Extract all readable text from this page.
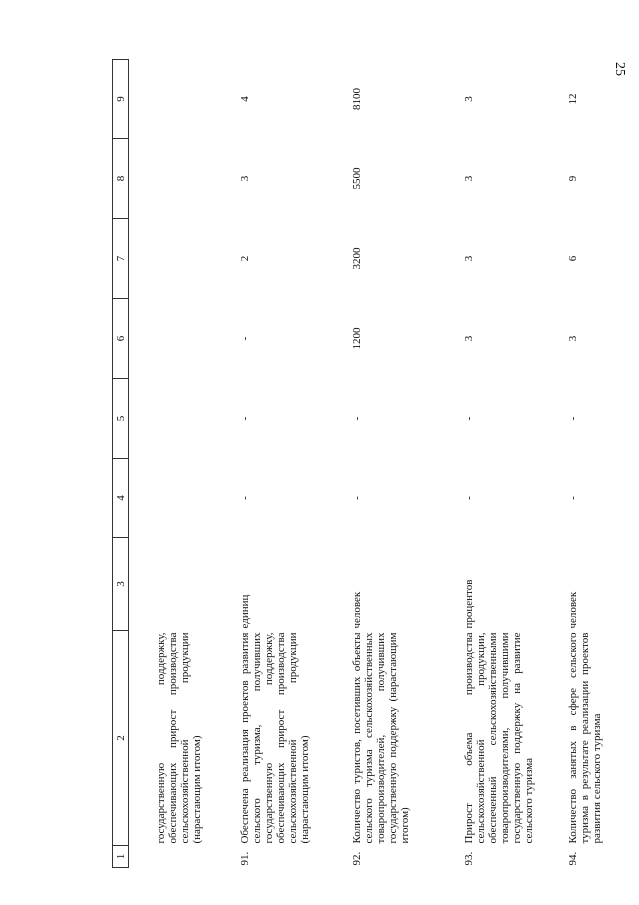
25
1	2	3	4	5	6	7	8	9
	государственную поддержку, обеспечивающих прирост производства сельскохозяйственной продукции (нарастающим итогом)							
91.	Обеспечена реализация проектов развития сельского туризма, получивших государственную поддержку, обеспечивающих прирост производства сельскохозяйственной продукции (нарастающим итогом)	единиц	-	-	-	2	3	4
92.	Количество туристов, посетивших объекты сельского туризма сельскохозяйственных товаропроизводителей, получивших государственную поддержку (нарастающим итогом)	человек	-	-	1200	3200	5500	8100
93.	Прирост объема производства сельскохозяйственной продукции, обеспеченный сельскохозяйственными товаропроизводителями, получившими государственную поддержку на развитие сельского туризма	процентов	-	-	3	3	3	3
94.	Количество занятых в сфере сельского туризма в результате реализации проектов развития сельского туризма	человек	-	-	3	6	9	12
